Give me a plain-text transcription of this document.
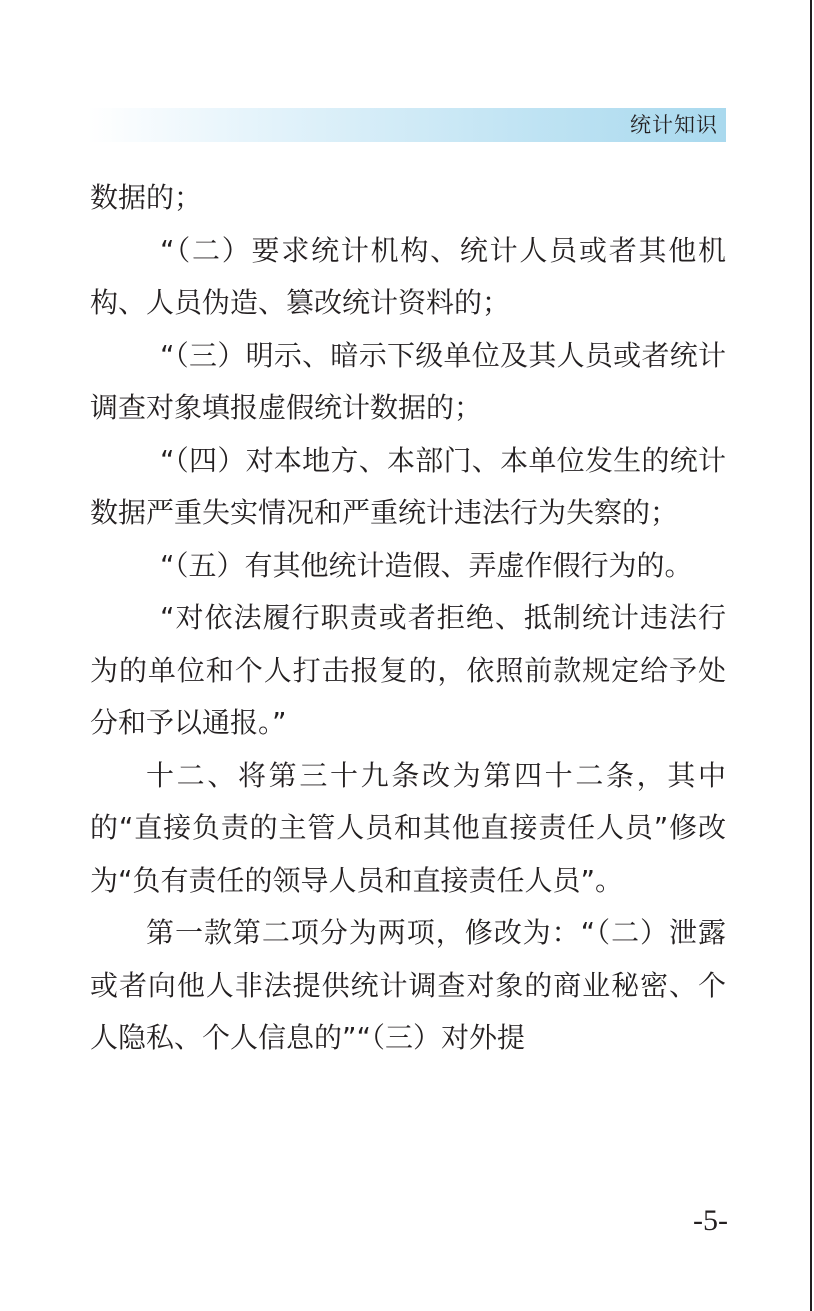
统计知识

数据的；

“（二）要求统计机构、统计人员或者其他机构、人员伪造、篡改统计资料的；

“（三）明示、暗示下级单位及其人员或者统计调查对象填报虚假统计数据的；

“（四）对本地方、本部门、本单位发生的统计数据严重失实情况和严重统计违法行为失察的；

“（五）有其他统计造假、弄虚作假行为的。

“对依法履行职责或者拒绝、抵制统计违法行为的单位和个人打击报复的，依照前款规定给予处分和予以通报。”

十二、将第三十九条改为第四十二条，其中的“直接负责的主管人员和其他直接责任人员”修改为“负有责任的领导人员和直接责任人员”。

第一款第二项分为两项，修改为：“（二）泄露或者向他人非法提供统计调查对象的商业秘密、个人隐私、个人信息的”“（三）对外提

-5-
